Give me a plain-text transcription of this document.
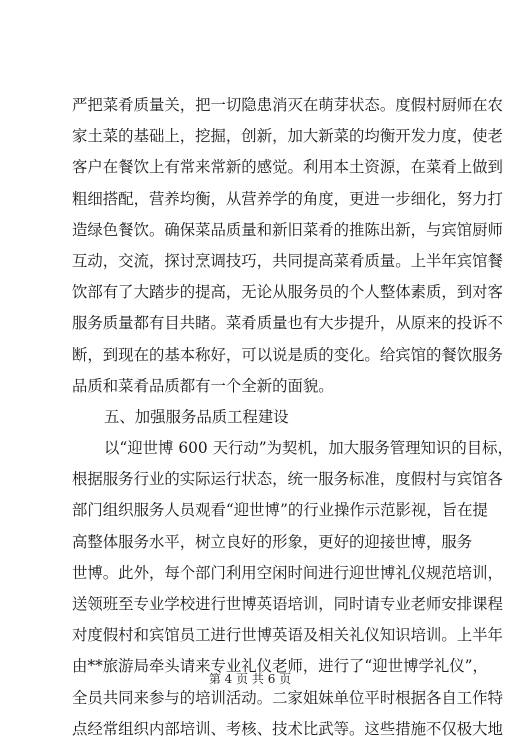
严把菜肴质量关，把一切隐患消灭在萌芽状态。度假村厨师在农
家土菜的基础上，挖掘，创新，加大新菜的均衡开发力度，使老
客户在餐饮上有常来常新的感觉。利用本土资源，在菜肴上做到
粗细搭配，营养均衡，从营养学的角度，更进一步细化，努力打
造绿色餐饮。确保菜品质量和新旧菜肴的推陈出新，与宾馆厨师
互动，交流，探讨烹调技巧，共同提高菜肴质量。上半年宾馆餐
饮部有了大踏步的提高，无论从服务员的个人整体素质，到对客
服务质量都有目共睹。菜肴质量也有大步提升，从原来的投诉不
断，到现在的基本称好，可以说是质的变化。给宾馆的餐饮服务
品质和菜肴品质都有一个全新的面貌。
五、加强服务品质工程建设
以“迎世博 600 天行动”为契机，加大服务管理知识的目标，
根据服务行业的实际运行状态，统一服务标准，度假村与宾馆各
部门组织服务人员观看“迎世博”的行业操作示范影视，旨在提
高整体服务水平，树立良好的形象，更好的迎接世博，服务
世博。此外，每个部门利用空闲时间进行迎世博礼仪规范培训，
送领班至专业学校进行世博英语培训，同时请专业老师安排课程
对度假村和宾馆员工进行世博英语及相关礼仪知识培训。上半年
由**旅游局牵头请来专业礼仪老师，进行了“迎世博学礼仪”，
全员共同来参与的培训活动。二家姐妹单位平时根据各自工作特
点经常组织内部培训、考核、技术比武等。这些措施不仅极大地
第 4 页 共 6 页
